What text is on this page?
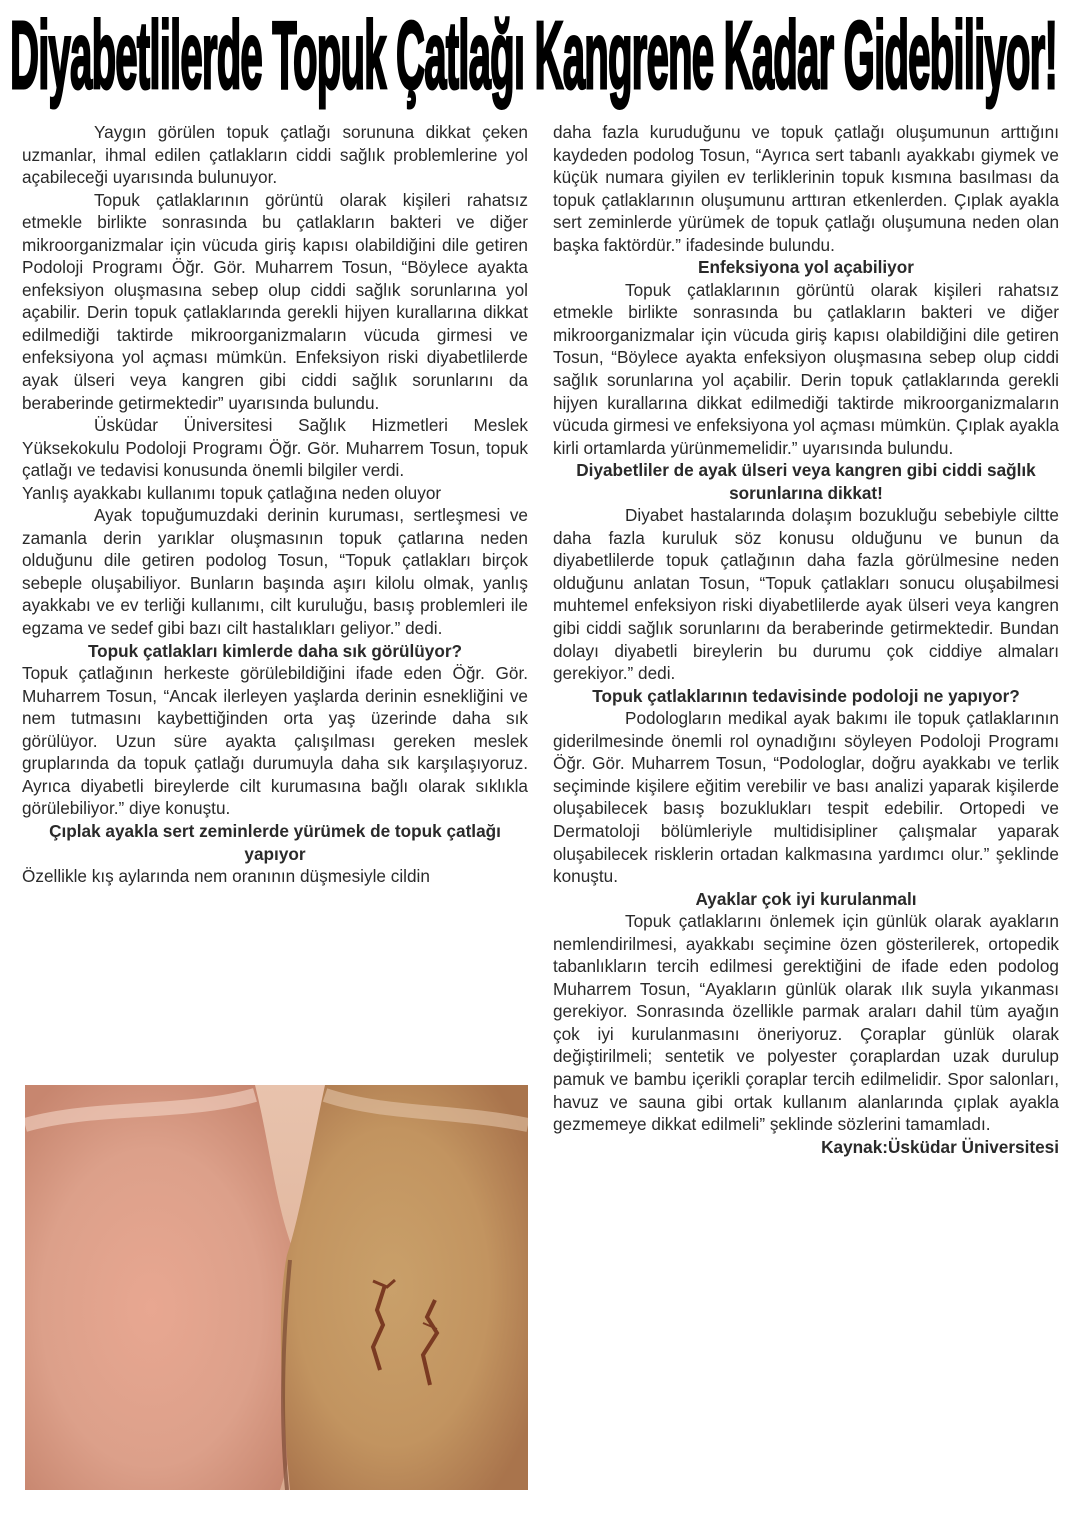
Diyabetlilerde Topuk Çatlağı Kangrene Kadar Gidebiliyor!

Yaygın görülen topuk çatlağı sorununa dikkat çeken uzmanlar, ihmal edilen çatlakların ciddi sağlık problemlerine yol açabileceği uyarısında bulunuyor.

Topuk çatlaklarının görüntü olarak kişileri rahatsız etmekle birlikte sonrasında bu çatlakların bakteri ve diğer mikroorganizmalar için vücuda giriş kapısı olabildiğini dile getiren Podoloji Programı Öğr. Gör. Muharrem Tosun, “Böylece ayakta enfeksiyon oluşmasına sebep olup ciddi sağlık sorunlarına yol açabilir. Derin topuk çatlaklarında gerekli hijyen kurallarına dikkat edilmediği taktirde mikroorganizmaların vücuda girmesi ve enfeksiyona yol açması mümkün. Enfeksiyon riski diyabetlilerde ayak ülseri veya kangren gibi ciddi sağlık sorunlarını da beraberinde getirmektedir” uyarısında bulundu.

Üsküdar Üniversitesi Sağlık Hizmetleri Meslek Yüksekokulu Podoloji Programı Öğr. Gör. Muharrem Tosun, topuk çatlağı ve tedavisi konusunda önemli bilgiler verdi.

Yanlış ayakkabı kullanımı topuk çatlağına neden oluyor

Ayak topuğumuzdaki derinin kuruması, sertleşmesi ve zamanla derin yarıklar oluşmasının topuk çatlarına neden olduğunu dile getiren podolog Tosun, “Topuk çatlakları birçok sebeple oluşabiliyor. Bunların başında aşırı kilolu olmak, yanlış ayakkabı ve ev terliği kullanımı, cilt kuruluğu, basış problemleri ile egzama ve sedef gibi bazı cilt hastalıkları geliyor.” dedi.

Topuk çatlakları kimlerde daha sık görülüyor?

Topuk çatlağının herkeste görülebildiğini ifade eden Öğr. Gör. Muharrem Tosun, “Ancak ilerleyen yaşlarda derinin esnekliğini ve nem tutmasını kaybettiğinden orta yaş üzerinde daha sık görülüyor. Uzun süre ayakta çalışılması gereken meslek gruplarında da topuk çatlağı durumuyla daha sık karşılaşıyoruz. Ayrıca diyabetli bireylerde cilt kurumasına bağlı olarak sıklıkla görülebiliyor.” diye konuştu.

Çıplak ayakla sert zeminlerde yürümek de topuk çatlağı yapıyor

Özellikle kış aylarında nem oranının düşmesiyle cildin

daha fazla kuruduğunu ve topuk çatlağı oluşumunun arttığını kaydeden podolog Tosun, “Ayrıca sert tabanlı ayakkabı giymek ve küçük numara giyilen ev terliklerinin topuk kısmına basılması da topuk çatlaklarının oluşumunu arttıran etkenlerden. Çıplak ayakla sert zeminlerde yürümek de topuk çatlağı oluşumuna neden olan başka faktördür.” ifadesinde bulundu.

Enfeksiyona yol açabiliyor

Topuk çatlaklarının görüntü olarak kişileri rahatsız etmekle birlikte sonrasında bu çatlakların bakteri ve diğer mikroorganizmalar için vücuda giriş kapısı olabildiğini dile getiren Tosun, “Böylece ayakta enfeksiyon oluşmasına sebep olup ciddi sağlık sorunlarına yol açabilir. Derin topuk çatlaklarında gerekli hijyen kurallarına dikkat edilmediği taktirde mikroorganizmaların vücuda girmesi ve enfeksiyona yol açması mümkün. Çıplak ayakla kirli ortamlarda yürünmemelidir.” uyarısında bulundu.

Diyabetliler de ayak ülseri veya kangren gibi ciddi sağlık sorunlarına dikkat!

Diyabet hastalarında dolaşım bozukluğu sebebiyle ciltte daha fazla kuruluk söz konusu olduğunu ve bunun da diyabetlilerde topuk çatlağının daha fazla görülmesine neden olduğunu anlatan Tosun, “Topuk çatlakları sonucu oluşabilmesi muhtemel enfeksiyon riski diyabetlilerde ayak ülseri veya kangren gibi ciddi sağlık sorunlarını da beraberinde getirmektedir. Bundan dolayı diyabetli bireylerin bu durumu çok ciddiye almaları gerekiyor.” dedi.

Topuk çatlaklarının tedavisinde podoloji ne yapıyor?

Podologların medikal ayak bakımı ile topuk çatlaklarının giderilmesinde önemli rol oynadığını söyleyen Podoloji Programı Öğr. Gör. Muharrem Tosun, “Podologlar, doğru ayakkabı ve terlik seçiminde kişilere eğitim verebilir ve bası analizi yaparak kişilerde oluşabilecek basış bozuklukları tespit edebilir. Ortopedi ve Dermatoloji bölümleriyle multidisipliner çalışmalar yaparak oluşabilecek risklerin ortadan kalkmasına yardımcı olur.” şeklinde konuştu.

Ayaklar çok iyi kurulanmalı

Topuk çatlaklarını önlemek için günlük olarak ayakların nemlendirilmesi, ayakkabı seçimine özen gösterilerek, ortopedik tabanlıkların tercih edilmesi gerektiğini de ifade eden podolog Muharrem Tosun, “Ayakların günlük olarak ılık suyla yıkanması gerekiyor. Sonrasında özellikle parmak araları dahil tüm ayağın çok iyi kurulanmasını öneriyoruz. Çoraplar günlük olarak değiştirilmeli; sentetik ve polyester çoraplardan uzak durulup pamuk ve bambu içerikli çoraplar tercih edilmelidir. Spor salonları, havuz ve sauna gibi ortak kullanım alanlarında çıplak ayakla gezmemeye dikkat edilmeli” şeklinde sözlerini tamamladı.

Kaynak:Üsküdar Üniversitesi
